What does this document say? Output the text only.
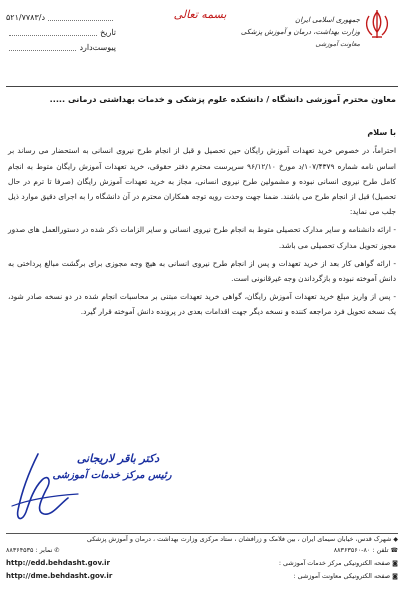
۵۲۱/۷۷۸۳/د
تاریخ
پیوست
دارد
بسمه تعالی	جمهوری اسلامی ایران
وزارت بهداشت، درمان و آموزش پزشکی
معاونت آموزشی

معاون محترم آموزشی دانشگاه / دانشکده علوم پزشکی و خدمات بهداشتی درمانی .....

با سلام

احتراماً، در خصوص خرید تعهدات آموزش رایگان حین تحصیل و قبل از انجام طرح نیروی انسانی به استحضار می رساند بر اساس نامه شماره ۱۰۷/۴۳۷۹/د مورخ ۹۶/۱۲/۱۰ سرپرست محترم دفتر حقوقی، خرید تعهدات آموزش رایگان متوط به انجام کامل طرح نیروی انسانی نبوده و مشمولین طرح نیروی انسانی، مجاز به خرید تعهدات آموزش رایگان (صرفا تا ترم در حال تحصیل) قبل از انجام طرح می باشند. ضمنا جهت وحدت رویه توجه همکاران محترم در آن دانشگاه را به اجرای دقیق موارد ذیل جلب می نماید:

- ارائه دانشنامه و سایر مدارک تحصیلی متوط به انجام طرح نیروی انسانی و سایر الزامات ذکر شده در دستورالعمل های صدور مجوز تحویل مدارک تحصیلی می باشد.

- ارائه گواهی کار بعد از خرید تعهدات و پس از انجام طرح نیروی انسانی به هیچ وجه مجوزی برای برگشت مبالغ پرداختی به دانش آموخته نبوده و بازگرداندن وجه غیرقانونی است.

- پس از واریز مبلغ خرید تعهدات آموزش رایگان، گواهی خرید تعهدات مبتنی بر محاسبات انجام شده در دو نسخه صادر شود، یک نسخه تحویل فرد مراجعه کننده و نسخه دیگر جهت اقدامات بعدی در پرونده دانش آموخته قرار گیرد.

دکتر باقر لاریجانی
رئیس مرکز خدمات آموزشی
◆ شهرک قدس، خیابان سیمای ایران ، بین فلامک و زرافشان ، ستاد مرکزی وزارت بهداشت ، درمان و آموزش پزشکی
☎
تلفن :
۸۸۳۶۳۵۶۰-۸۰
✆
نمابر :
۸۸۳۶۴۵۳۵
◙
صفحه الکترونیکی مرکز خدمات آموزشی :
http://edd.behdasht.gov.ir
◙
صفحه الکترونیکی معاونت آموزشی :
http://dme.behdasht.gov.ir
